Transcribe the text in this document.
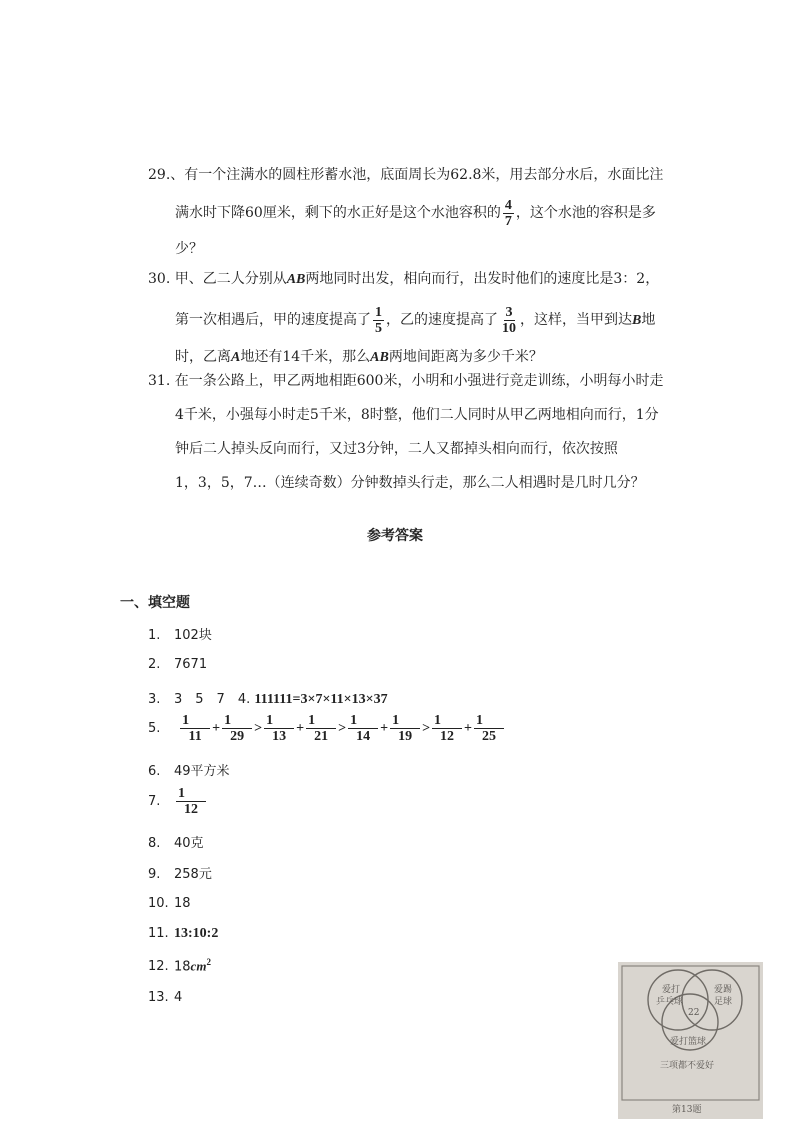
29.、有一个注满水的圆柱形蓄水池，底面周长为62.8米，用去部分水后，水面比注
满水时下降60厘米，剩下的水正好是这个水池容积的 $\frac{4}{7}$ ，这个水池的容积是多
少？
30. 甲、乙二人分别从AB两地同时出发，相向而行，出发时他们的速度比是3：2，
第一次相遇后，甲的速度提高了 $\frac{1}{5}$ ，乙的速度提高了 $\frac{3}{10}$ ，这样，当甲到达B地
时，乙离A地还有14千米，那么AB两地间距离为多少千米？
31. 在一条公路上，甲乙两地相距600米，小明和小强进行竞走训练，小明每小时走
4千米，小强每小时走5千米，8时整，他们二人同时从甲乙两地相向而行，1分
钟后二人掉头反向而行，又过3分钟，二人又都掉头相向而行，依次按照
1，3，5，7…（连续奇数）分钟数掉头行走，那么二人相遇时是几时几分？
参考答案
一、填空题
1. 102块
2. 7671
3. 3　5　7　4. 111111=3×7×11×13×37
5. $\frac{1}{11} + \frac{1}{29} > \frac{1}{13} + \frac{1}{21} > \frac{1}{14} + \frac{1}{19} > \frac{1}{12} + \frac{1}{25}$
6. 49平方米
7. $\frac{1}{12}$
8. 40克
9. 258元
10. 18
11. 13:10:2
12. $18cm^2$
13. 4	爱打
乒乓球
爱踢
足球
22
爱打篮球
三项都不爱好
第13题
